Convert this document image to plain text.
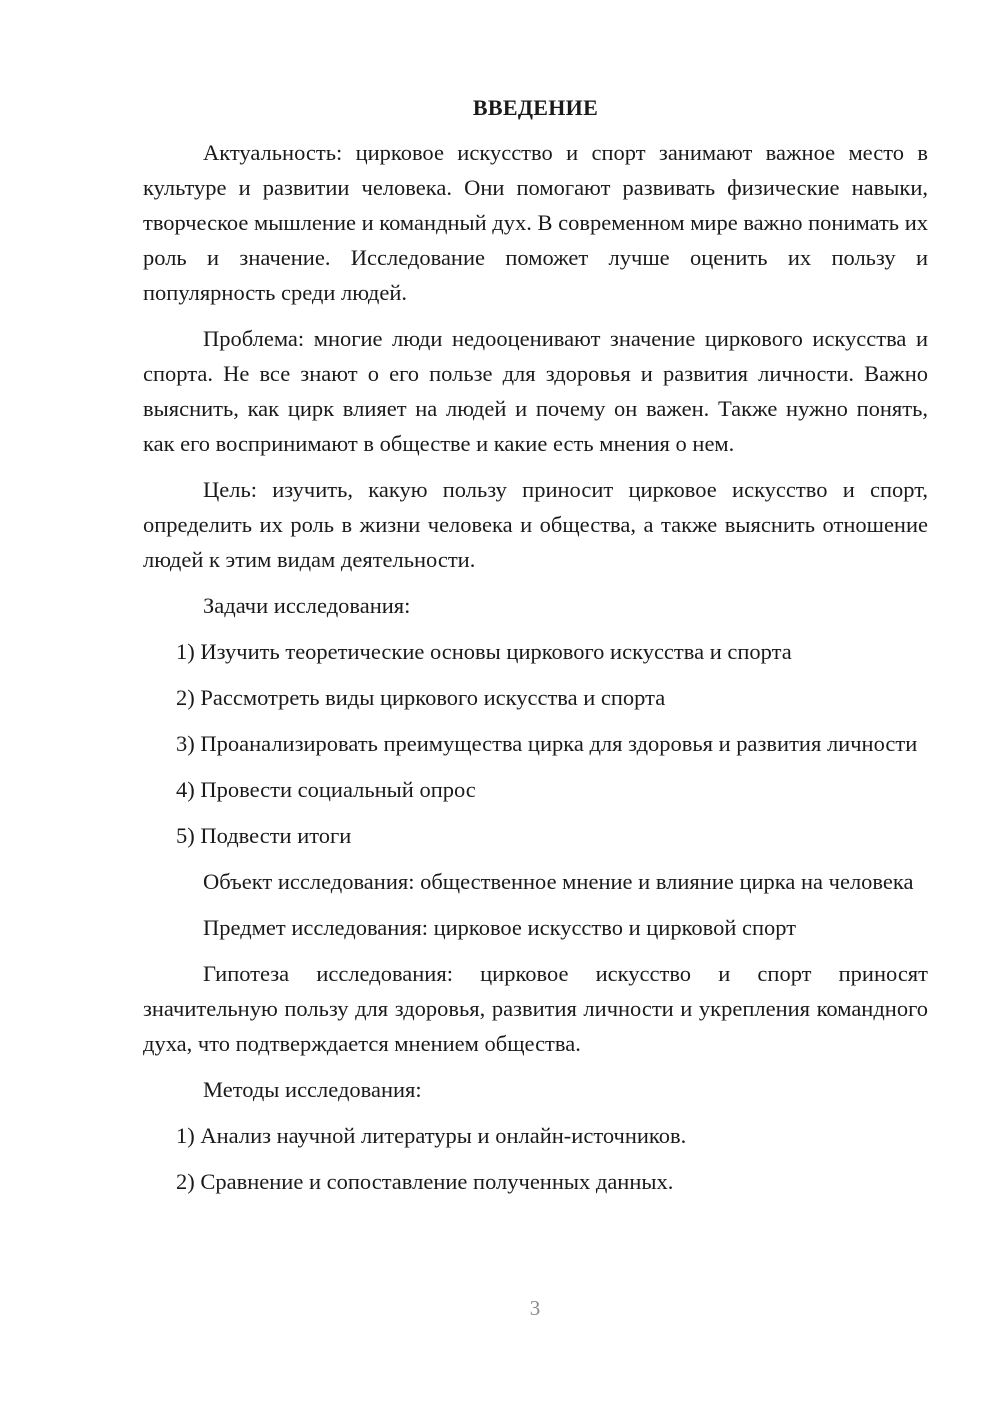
ВВЕДЕНИЕ

Актуальность: цирковое искусство и спорт занимают важное место в культуре и развитии человека. Они помогают развивать физические навыки, творческое мышление и командный дух. В современном мире важно понимать их роль и значение. Исследование поможет лучше оценить их пользу и популярность среди людей.

Проблема: многие люди недооценивают значение циркового искусства и спорта. Не все знают о его пользе для здоровья и развития личности. Важно выяснить, как цирк влияет на людей и почему он важен. Также нужно понять, как его воспринимают в обществе и какие есть мнения о нем.

Цель: изучить, какую пользу приносит цирковое искусство и спорт, определить их роль в жизни человека и общества, а также выяснить отношение людей к этим видам деятельности.

Задачи исследования:

1) Изучить теоретические основы циркового искусства и спорта
2) Рассмотреть виды циркового искусства и спорта
3) Проанализировать преимущества цирка для здоровья и развития личности
4) Провести социальный опрос
5) Подвести итоги

Объект исследования: общественное мнение и влияние цирка на человека

Предмет исследования: цирковое искусство и цирковой спорт

Гипотеза исследования: цирковое искусство и спорт приносят значительную пользу для здоровья, развития личности и укрепления командного духа, что подтверждается мнением общества.

Методы исследования:

1) Анализ научной литературы и онлайн-источников.
2) Сравнение и сопоставление полученных данных.
3
